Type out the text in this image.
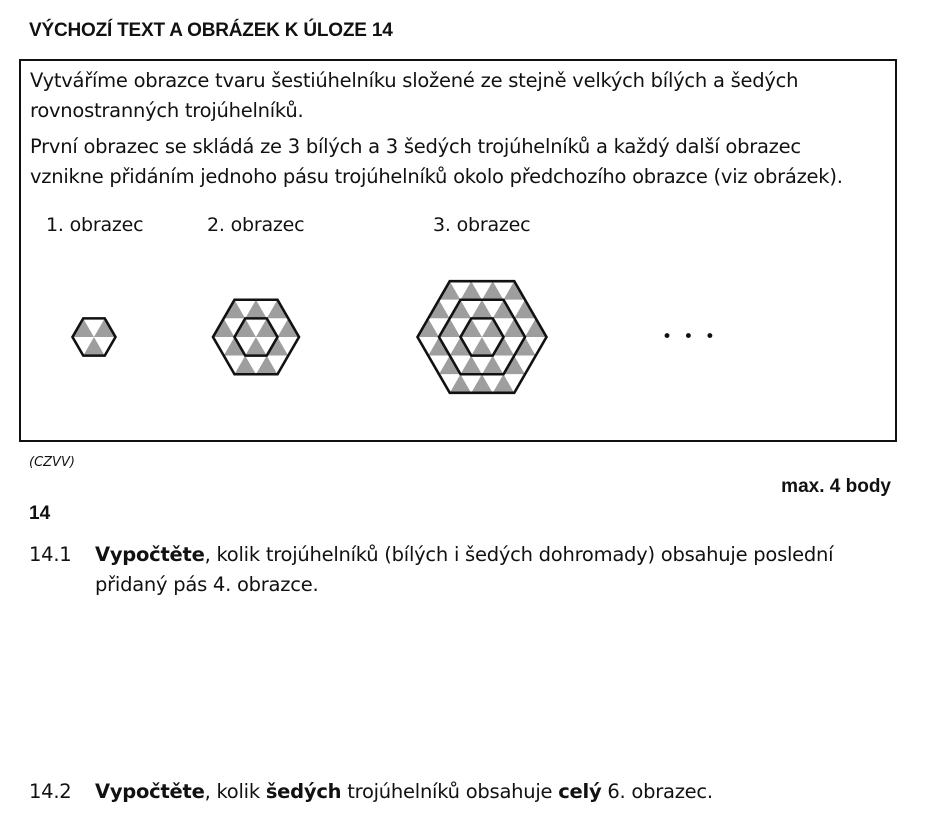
VÝCHOZÍ TEXT A OBRÁZEK K ÚLOZE 14

Vytváříme obrazce tvaru šestiúhelníku složené ze stejně velkých bílých a šedých rovnostranných trojúhelníků.

První obrazec se skládá ze 3 bílých a 3 šedých trojúhelníků a každý další obrazec vznikne přidáním jednoho pásu trojúhelníků okolo předchozího obrazce (viz obrázek).

1. obrazec	2. obrazec	3. obrazec
• • •
(CZVV)
max. 4 body
14
14.1 Vypočtěte, kolik trojúhelníků (bílých i šedých dohromady) obsahuje poslední přidaný pás 4. obrazce.
14.2 Vypočtěte, kolik šedých trojúhelníků obsahuje celý 6. obrazec.
